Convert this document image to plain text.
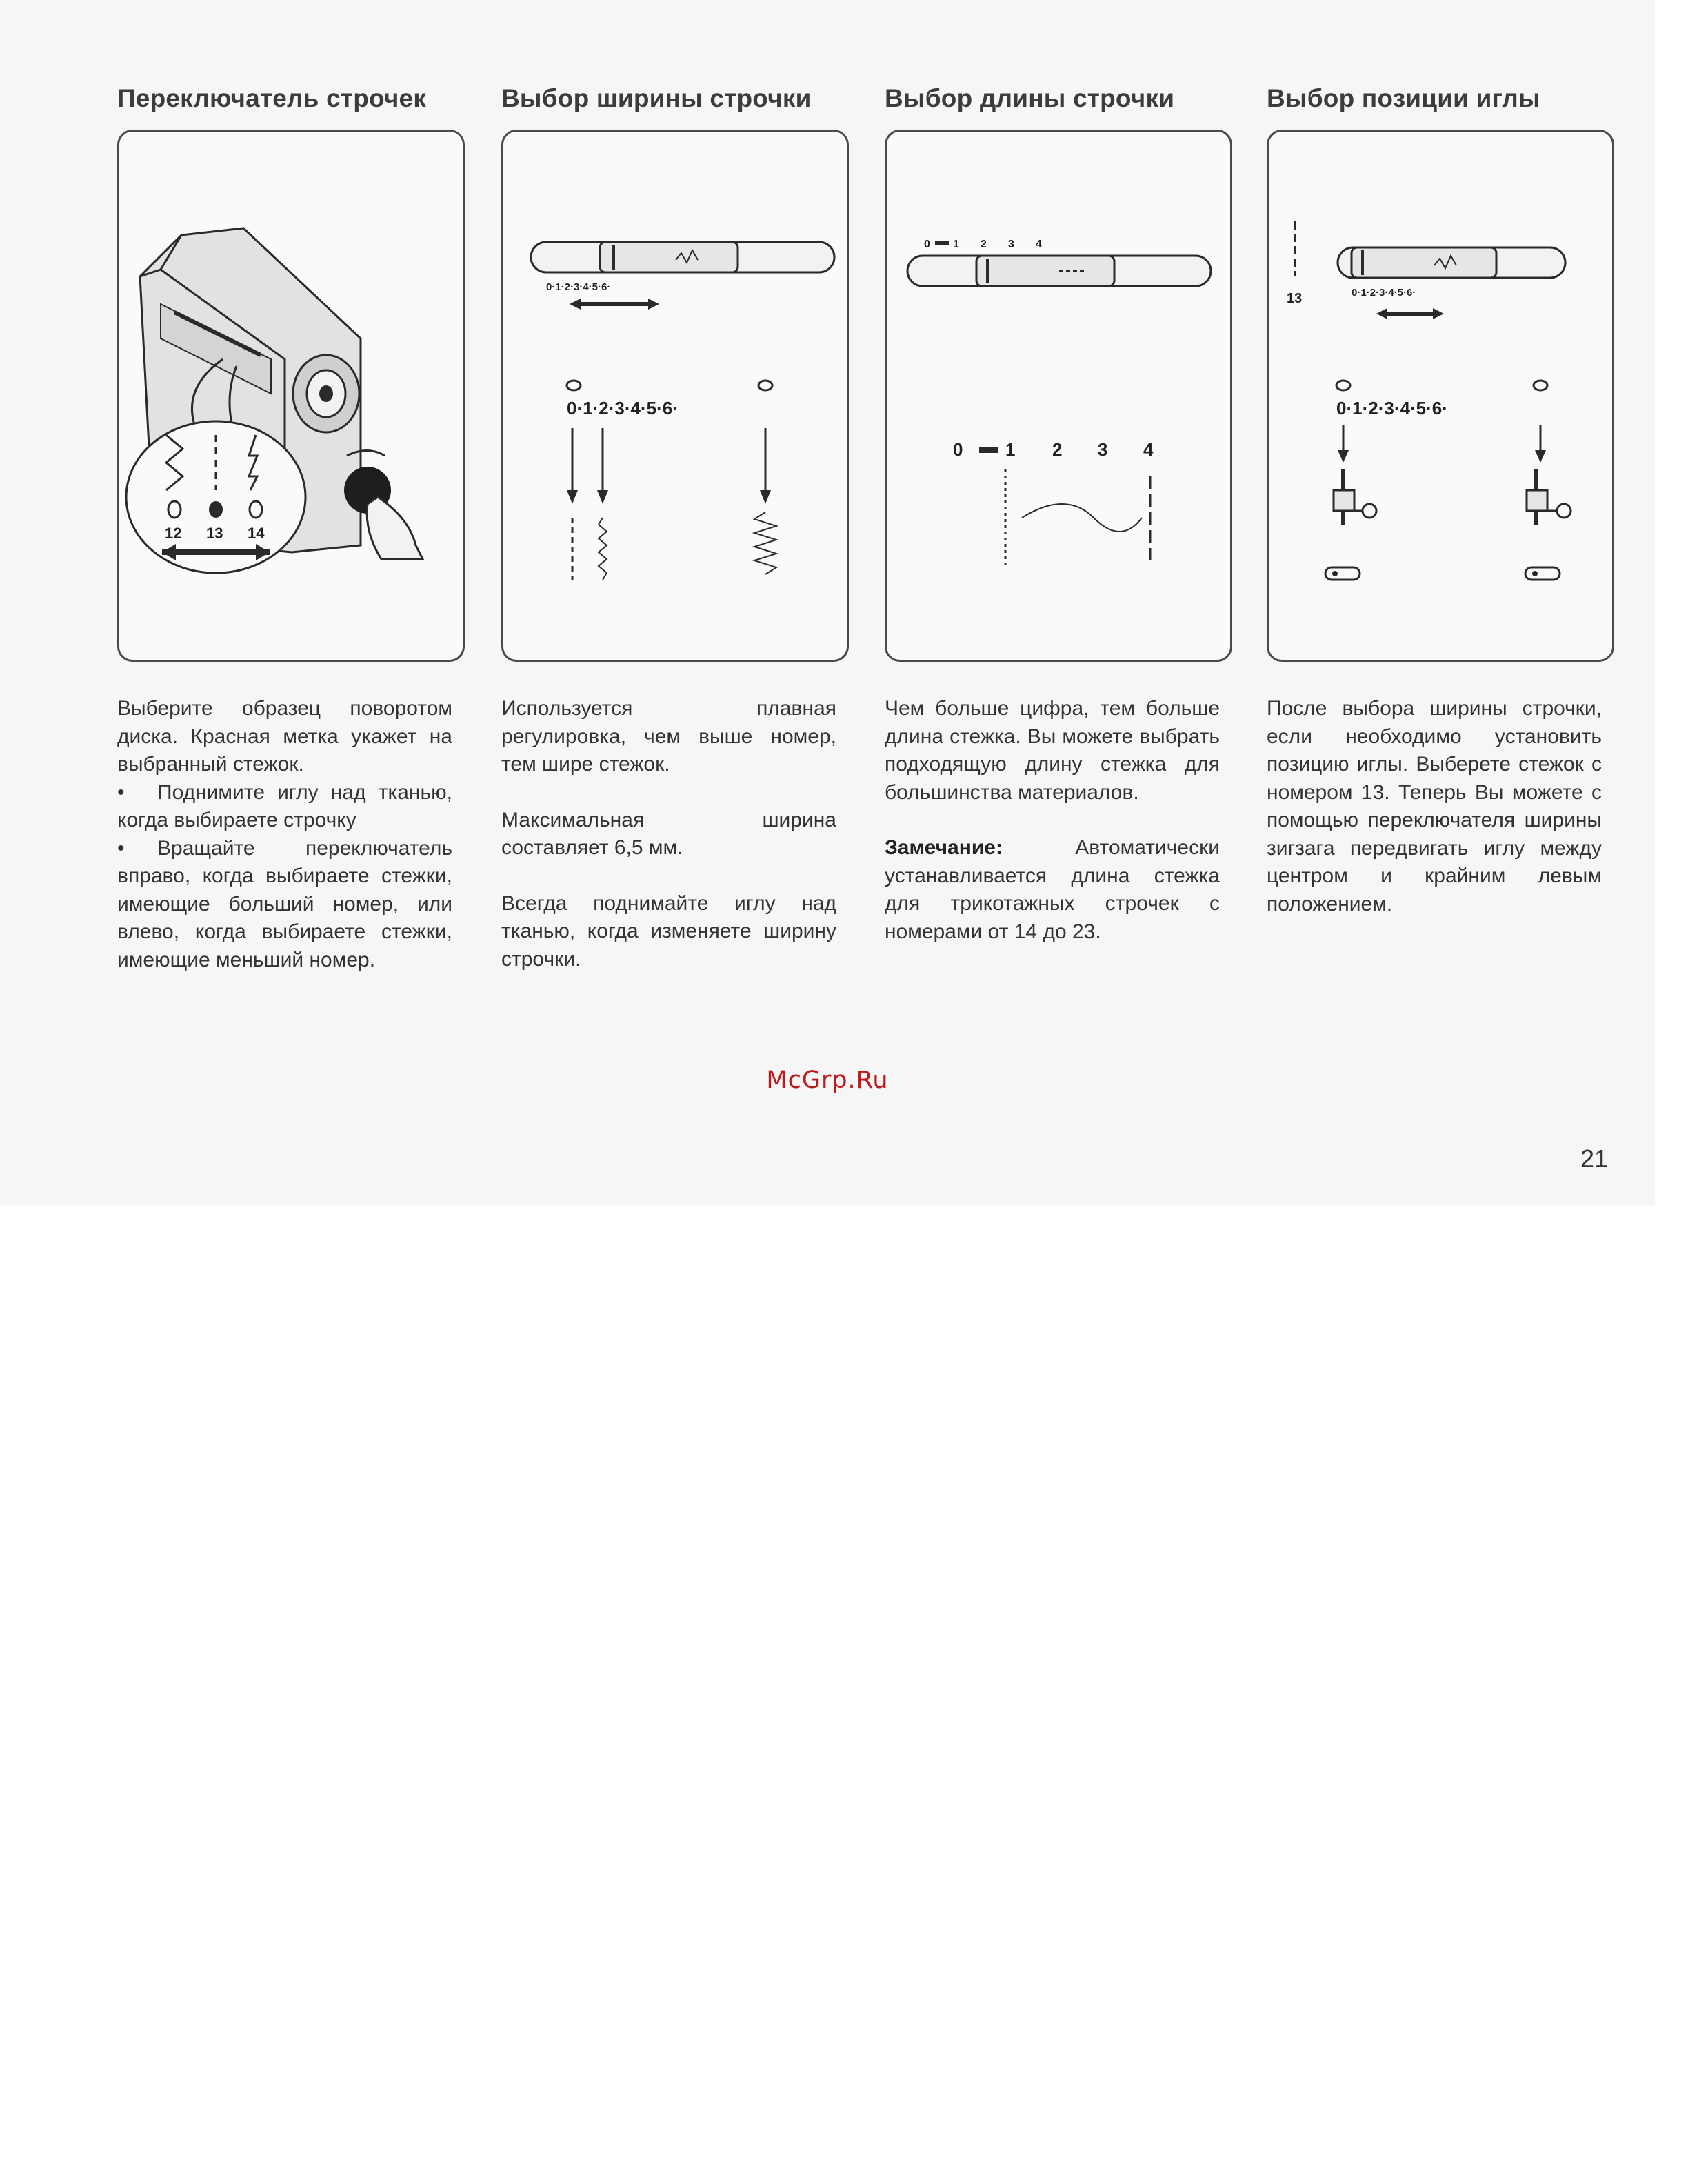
Переключатель строчек
12 13 14

Выберите образец поворотом диска. Красная метка укажет на выбранный стежок.

• Поднимите иглу над тканью, когда выбираете строчку

• Вращайте переключатель вправо, когда выбираете стежки, имеющие больший номер, или влево, когда выбираете стежки, имеющие меньший номер.

Выбор ширины строчки
0·1·2·3·4·5·6·
0·1·2·3·4·5·6·

Используется плавная регулировка, чем выше номер, тем шире стежок.

Максимальная ширина составляет 6,5 мм.

Всегда поднимайте иглу над тканью, когда изменяете ширину строчки.

Выбор длины строчки
0 1 2 3 4
0 1 2 3 4

Чем больше цифра, тем больше длина стежка. Вы можете выбрать подходящую длину стежка для большинства материалов.

Замечание: Автоматически устанавливается длина стежка для трикотажных строчек с номерами от 14 до 23.

Выбор позиции иглы
13	0·1·2·3·4·5·6·
0·1·2·3·4·5·6·

После выбора ширины строчки, если необходимо установить позицию иглы. Выберете стежок с номером 13. Теперь Вы можете с помощью переключателя ширины зигзага передвигать иглу между центром и крайним левым положением.

McGrp.Ru
21
